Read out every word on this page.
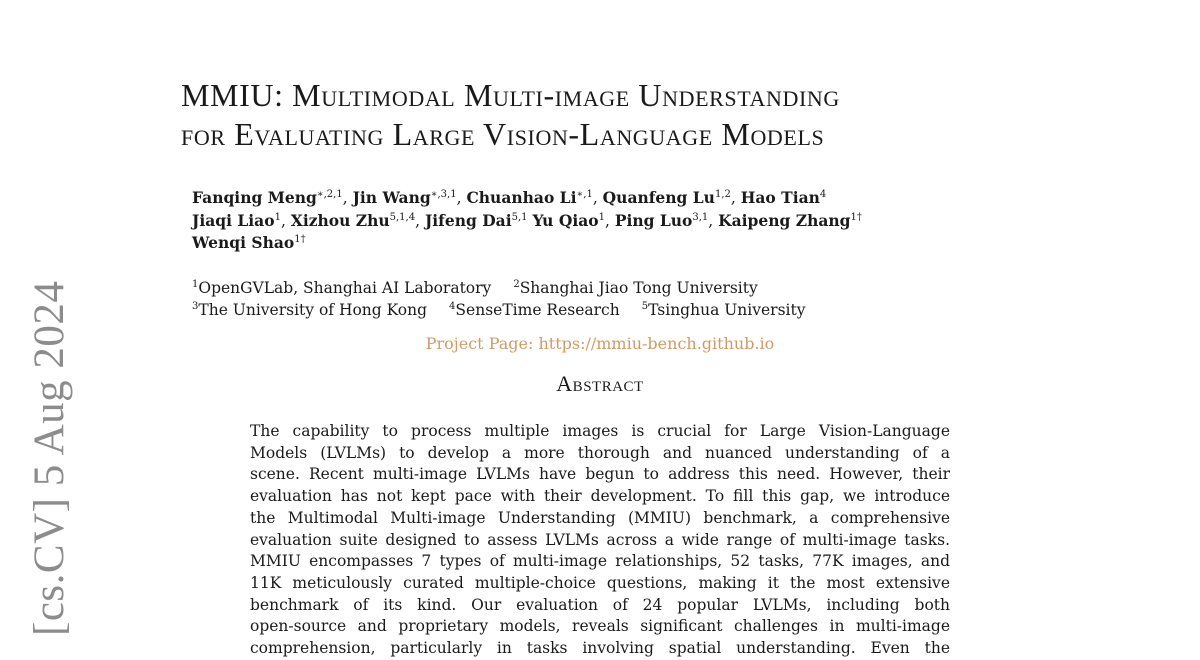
[cs.CV] 5 Aug 2024
MMIU: Multimodal Multi-image Understanding
for Evaluating Large Vision-Language Models
Fanqing Meng$^{∗,2,1}$, Jin Wang$^{∗,3,1}$, Chuanhao $Li^{∗,1}$, Quanfeng Lu$^{1,2}$, Hao Tian$^4$
Jiaqi Liao$^1$, Xizhou Zhu$^{5,1,4}$, Jifeng Dai$^{5,1}$ Yu Qiao$^1$, Ping Luo$^{3,1}$, Kaipeng Zhang$^{1\dagger}$
Wenqi Shao$^{1\dagger}$
$^1$OpenGVLab, Shanghai AI Laboratory $^2$Shanghai Jiao Tong University
$^3$The University of Hong Kong $^4$SenseTime Research $^5$Tsinghua University
Project Page: https://mmiu-bench.github.io
Abstract
The capability to process multiple images is crucial for Large Vision-Language
Models (LVLMs) to develop a more thorough and nuanced understanding of a
scene. Recent multi-image LVLMs have begun to address this need. However, their
evaluation has not kept pace with their development. To fill this gap, we introduce
the Multimodal Multi-image Understanding (MMIU) benchmark, a comprehensive
evaluation suite designed to assess LVLMs across a wide range of multi-image tasks.
MMIU encompasses 7 types of multi-image relationships, 52 tasks, 77K images, and
11K meticulously curated multiple-choice questions, making it the most extensive
benchmark of its kind. Our evaluation of 24 popular LVLMs, including both
open-source and proprietary models, reveals significant challenges in multi-image
comprehension, particularly in tasks involving spatial understanding. Even the
